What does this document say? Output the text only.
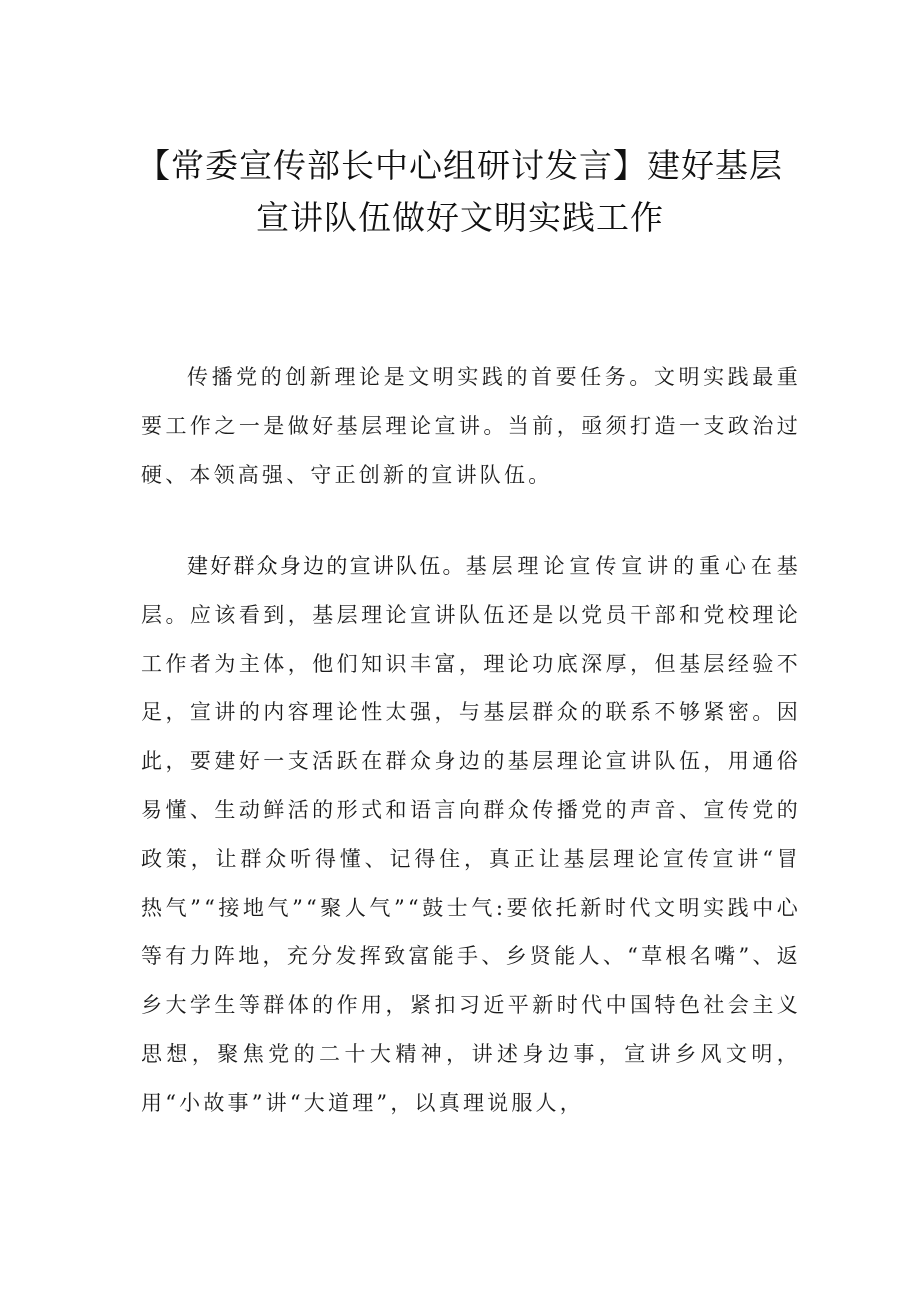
【常委宣传部长中心组研讨发言】建好基层
宣讲队伍做好文明实践工作

传播党的创新理论是文明实践的首要任务。文明实践最重要工作之一是做好基层理论宣讲。当前，亟须打造一支政治过硬、本领高强、守正创新的宣讲队伍。

建好群众身边的宣讲队伍。基层理论宣传宣讲的重心在基层。应该看到，基层理论宣讲队伍还是以党员干部和党校理论工作者为主体，他们知识丰富，理论功底深厚，但基层经验不足，宣讲的内容理论性太强，与基层群众的联系不够紧密。因此，要建好一支活跃在群众身边的基层理论宣讲队伍，用通俗易懂、生动鲜活的形式和语言向群众传播党的声音、宣传党的政策，让群众听得懂、记得住，真正让基层理论宣传宣讲“冒热气”“接地气”“聚人气”“鼓士气:要依托新时代文明实践中心等有力阵地，充分发挥致富能手、乡贤能人、“草根名嘴”、返乡大学生等群体的作用，紧扣习近平新时代中国特色社会主义思想，聚焦党的二十大精神，讲述身边事，宣讲乡风文明，用“小故事”讲“大道理”，以真理说服人，
